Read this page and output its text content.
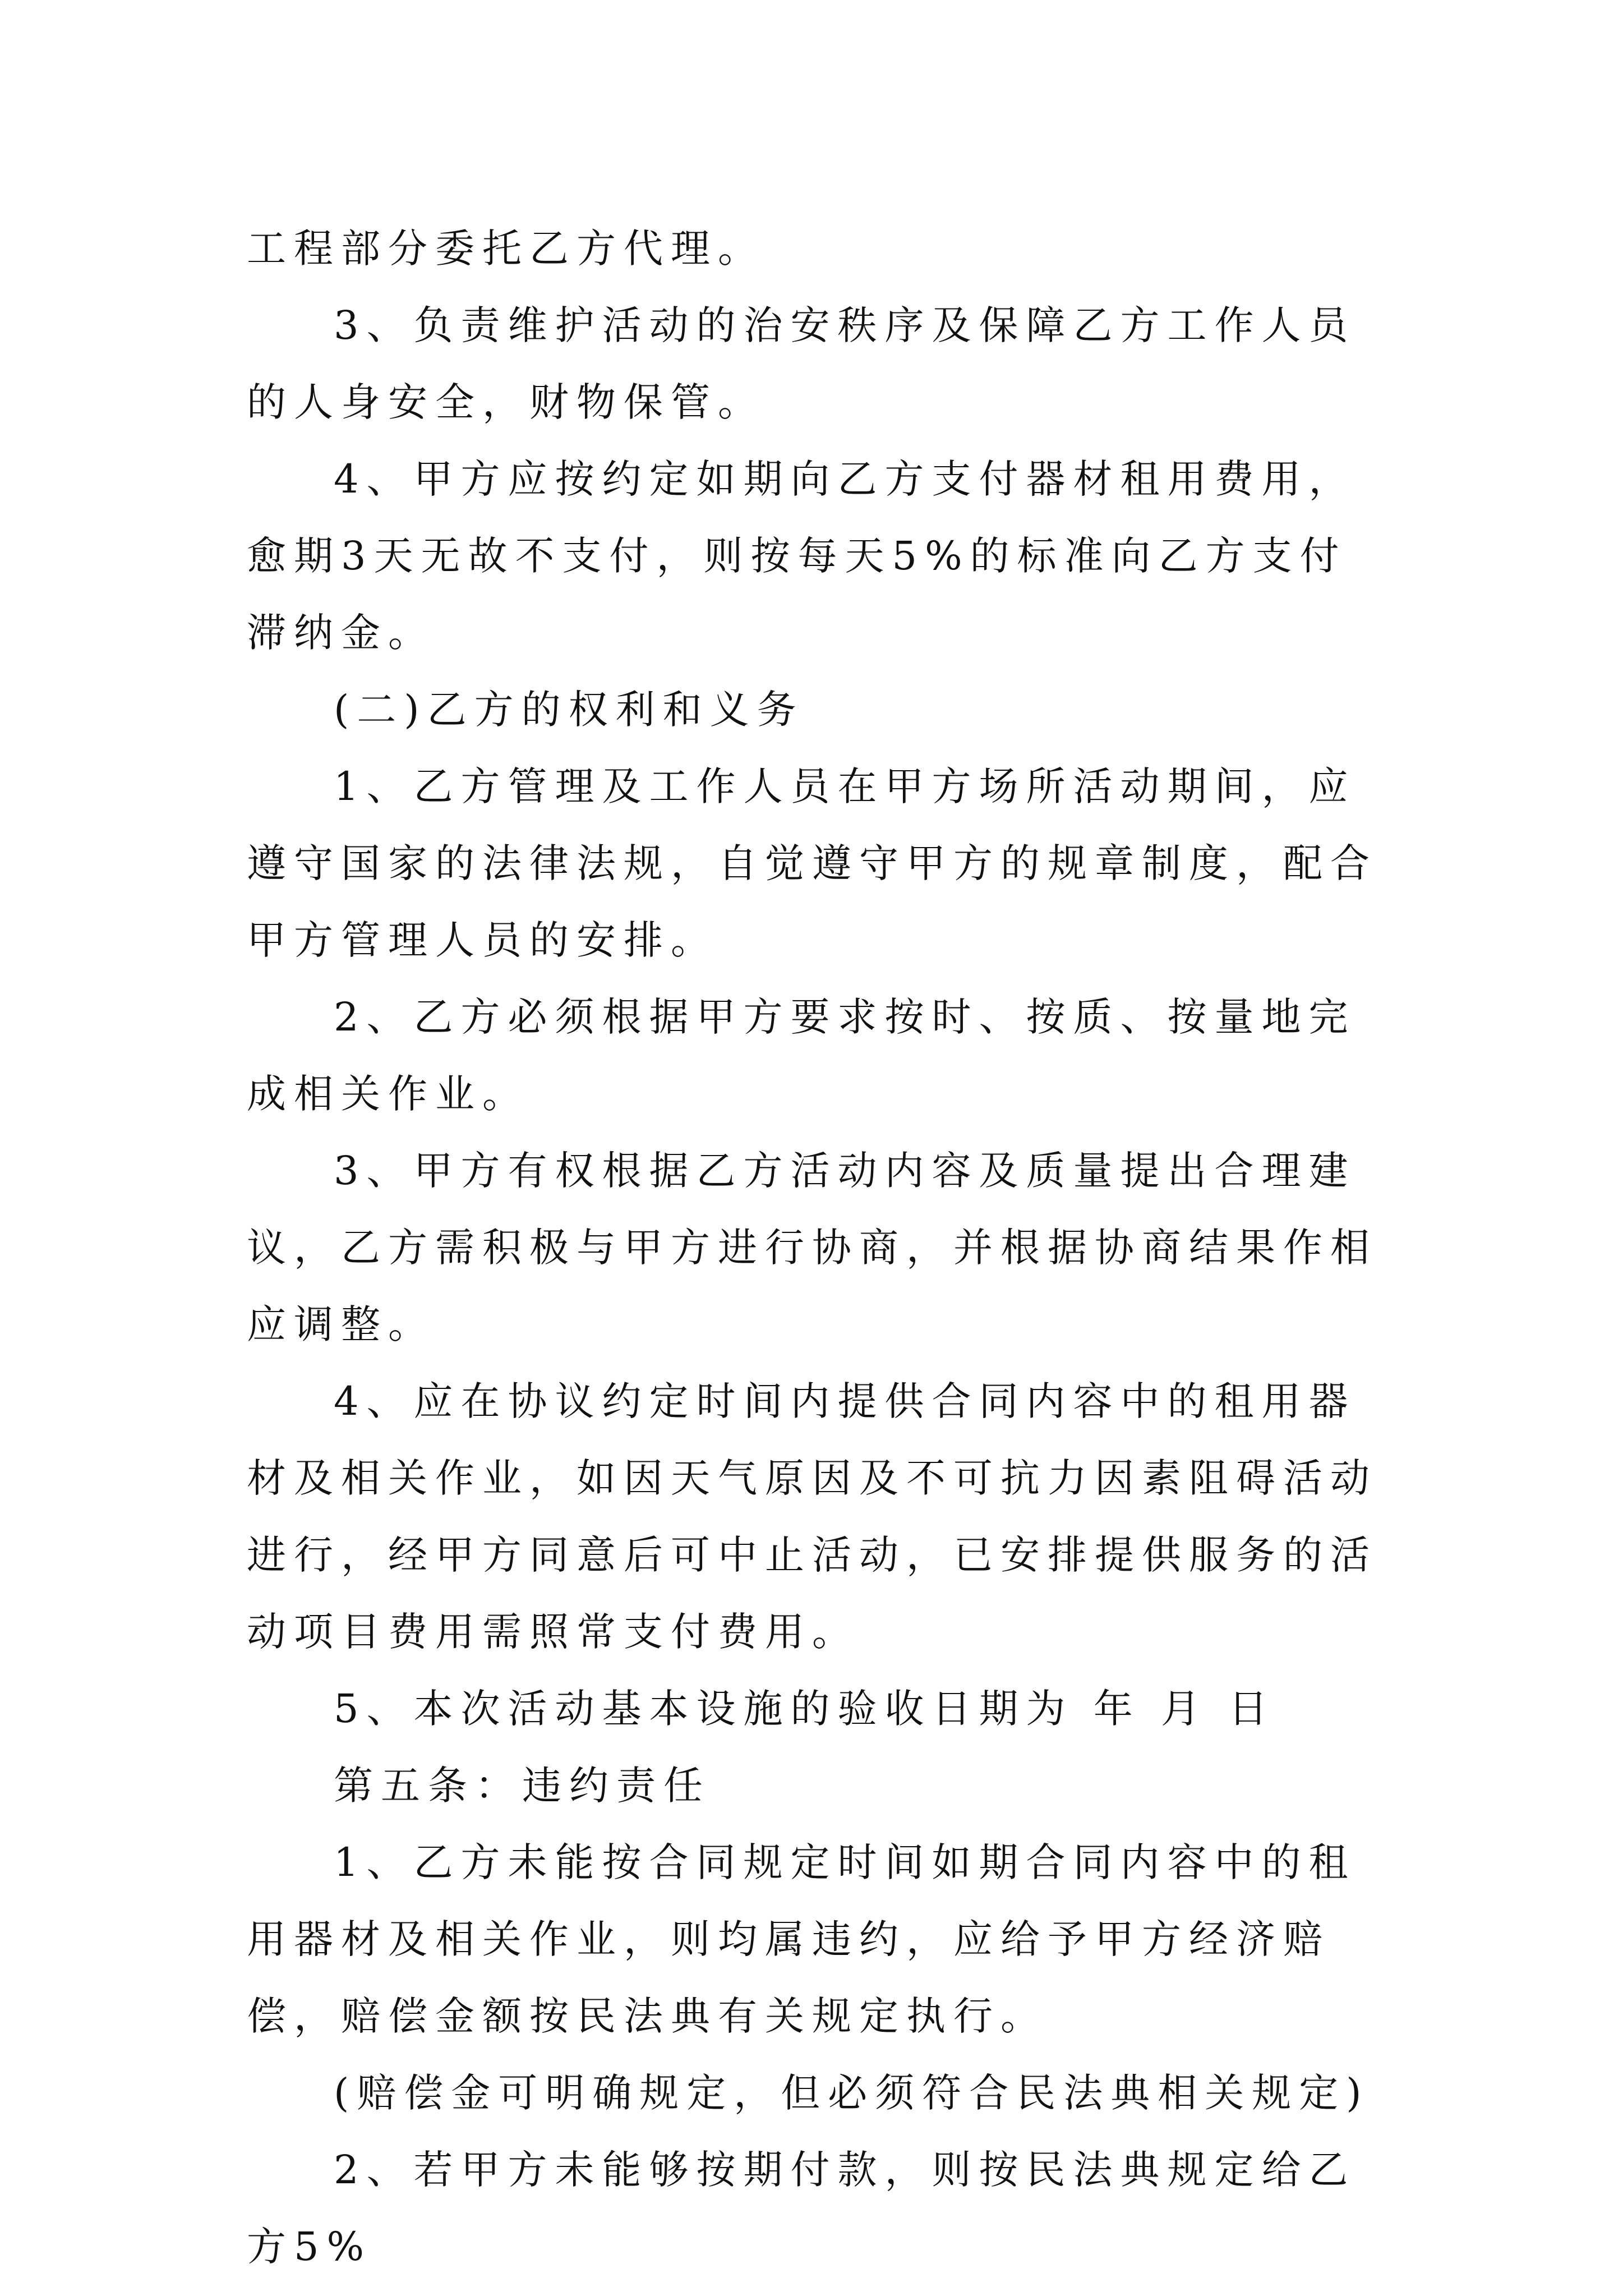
工程部分委托乙方代理。

3、负责维护活动的治安秩序及保障乙方工作人员的人身安全，财物保管。

4、甲方应按约定如期向乙方支付器材租用费用，愈期3天无故不支付，则按每天5%的标准向乙方支付滞纳金。

(二)乙方的权利和义务

1、乙方管理及工作人员在甲方场所活动期间，应遵守国家的法律法规，自觉遵守甲方的规章制度，配合甲方管理人员的安排。

2、乙方必须根据甲方要求按时、按质、按量地完成相关作业。

3、甲方有权根据乙方活动内容及质量提出合理建议，乙方需积极与甲方进行协商，并根据协商结果作相应调整。

4、应在协议约定时间内提供合同内容中的租用器材及相关作业，如因天气原因及不可抗力因素阻碍活动进行，经甲方同意后可中止活动，已安排提供服务的活动项目费用需照常支付费用。

5、本次活动基本设施的验收日期为 年 月 日

第五条：违约责任

1、乙方未能按合同规定时间如期合同内容中的租用器材及相关作业，则均属违约，应给予甲方经济赔偿，赔偿金额按民法典有关规定执行。

(赔偿金可明确规定，但必须符合民法典相关规定)

2、若甲方未能够按期付款，则按民法典规定给乙方5%
